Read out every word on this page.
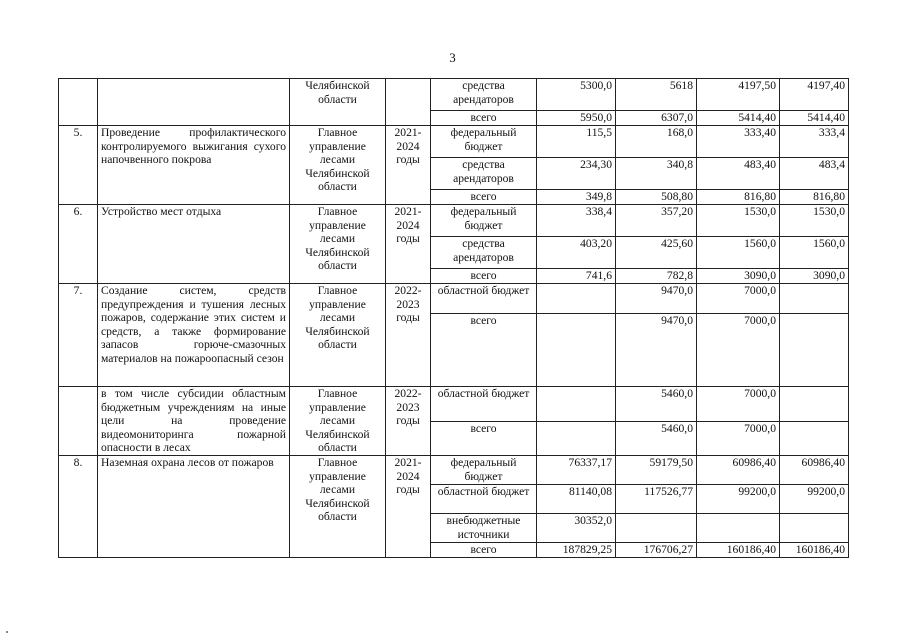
3
		Челябинской области		средства арендаторов	5300,0	5618	4197,50	4197,40
				всего	5950,0	6307,0	5414,40	5414,40
5.	Проведение профилактического контролируемого выжигания сухого напочвенного покрова	Главное управление лесами Челябинской области	2021-2024 годы	федеральный бюджет	115,5	168,0	333,40	333,4
				средства арендаторов	234,30	340,8	483,40	483,4
				всего	349,8	508,80	816,80	816,80
6.	Устройство мест отдыха	Главное управление лесами Челябинской области	2021-2024 годы	федеральный бюджет	338,4	357,20	1530,0	1530,0
				средства арендаторов	403,20	425,60	1560,0	1560,0
				всего	741,6	782,8	3090,0	3090,0
7.	Создание систем, средств предупреждения и тушения лесных пожаров, содержание этих систем и средств, а также формирование запасов горюче-смазочных материалов на пожароопасный сезон	Главное управление лесами Челябинской области	2022-2023 годы	областной бюджет		9470,0	7000,0	
				всего		9470,0	7000,0	
	в том числе субсидии областным бюджетным учреждениям на иные цели на проведение видеомониторинга пожарной опасности в лесах	Главное управление лесами Челябинской области	2022-2023 годы	областной бюджет		5460,0	7000,0	
				всего		5460,0	7000,0	
8.	Наземная охрана лесов от пожаров	Главное управление лесами Челябинской области	2021-2024 годы	федеральный бюджет	76337,17	59179,50	60986,40	60986,40
				областной бюджет	81140,08	117526,77	99200,0	99200,0
				внебюджетные источники	30352,0			
				всего	187829,25	176706,27	160186,40	160186,40
